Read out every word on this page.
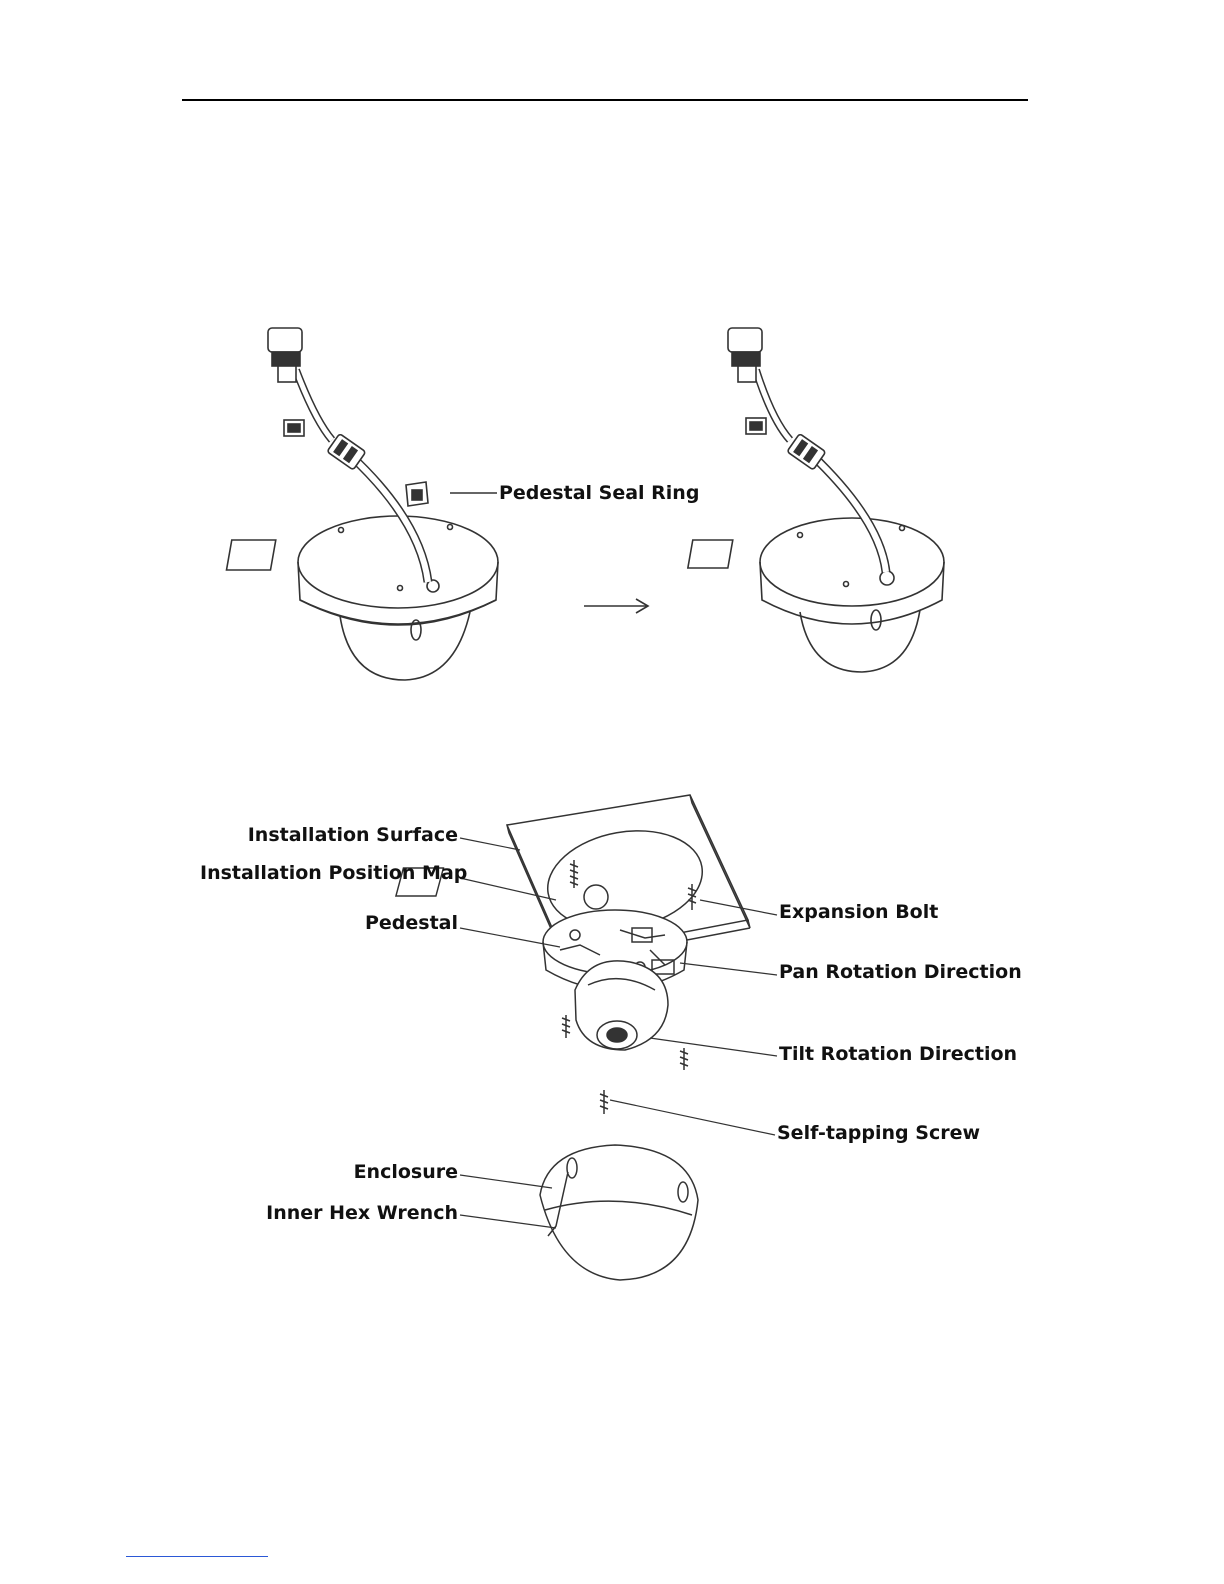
Pedestal Seal Ring
Installation Surface
Installation Position Map
Pedestal	Expansion Bolt
Pan Rotation Direction
Tilt Rotation Direction
Self-tapping Screw
Enclosure
Inner Hex Wrench
